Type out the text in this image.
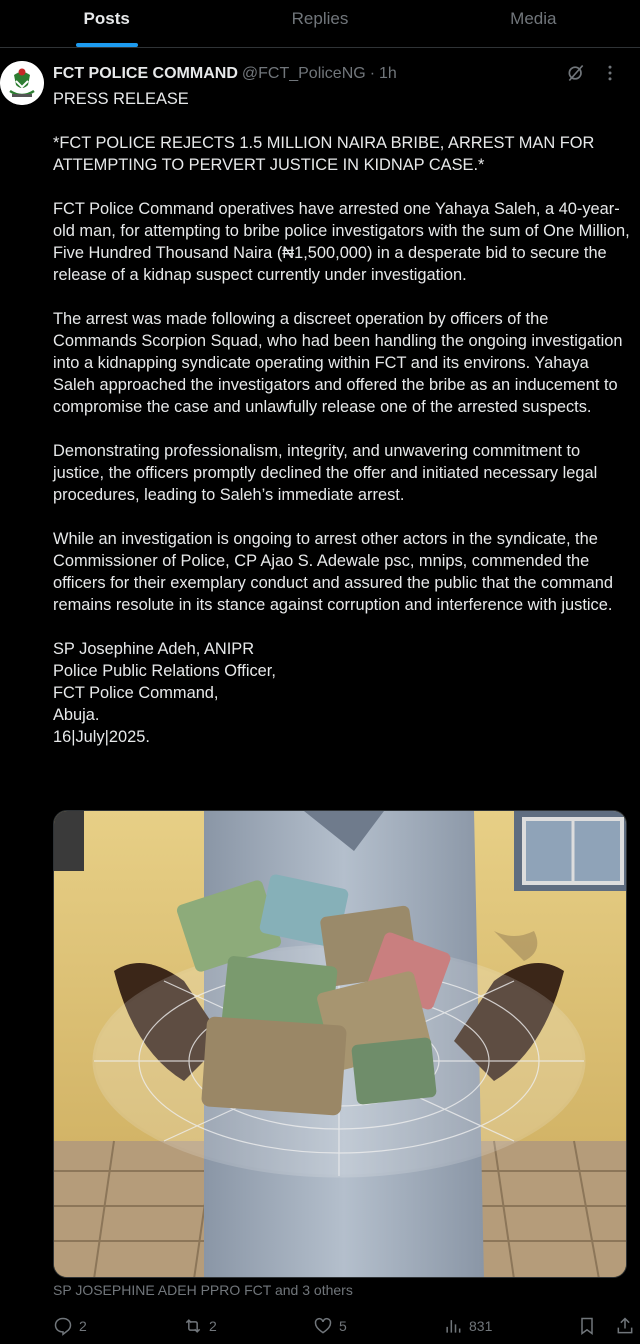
Posts	Replies	Media
FCT POLICE COMMAND @FCT_PoliceNG · 1h

PRESS RELEASE

*FCT POLICE REJECTS 1.5 MILLION NAIRA BRIBE, ARREST MAN FOR ATTEMPTING TO PERVERT JUSTICE IN KIDNAP CASE.*

FCT Police Command operatives have arrested one Yahaya Saleh, a 40-year-old man, for attempting to bribe police investigators with the sum of One Million, Five Hundred Thousand Naira (₦1,500,000) in a desperate bid to secure the release of a kidnap suspect currently under investigation.

The arrest was made following a discreet operation by officers of the Commands Scorpion Squad, who had been handling the ongoing investigation into a kidnapping syndicate operating within FCT and its environs. Yahaya Saleh approached the investigators and offered the bribe as an inducement to compromise the case and unlawfully release one of the arrested suspects.

Demonstrating professionalism, integrity, and unwavering commitment to justice, the officers promptly declined the offer and initiated necessary legal procedures, leading to Saleh’s immediate arrest.

While an investigation is ongoing to arrest other actors in the syndicate, the Commissioner of Police, CP Ajao S. Adewale psc, mnips, commended the officers for their exemplary conduct and assured the public that the command remains resolute in its stance against corruption and interference with justice.

SP Josephine Adeh, ANIPR
Police Public Relations Officer,
FCT Police Command,
Abuja.
16|July|2025.
SP JOSEPHINE ADEH PPRO FCT and 3 others
2	2	5	831
